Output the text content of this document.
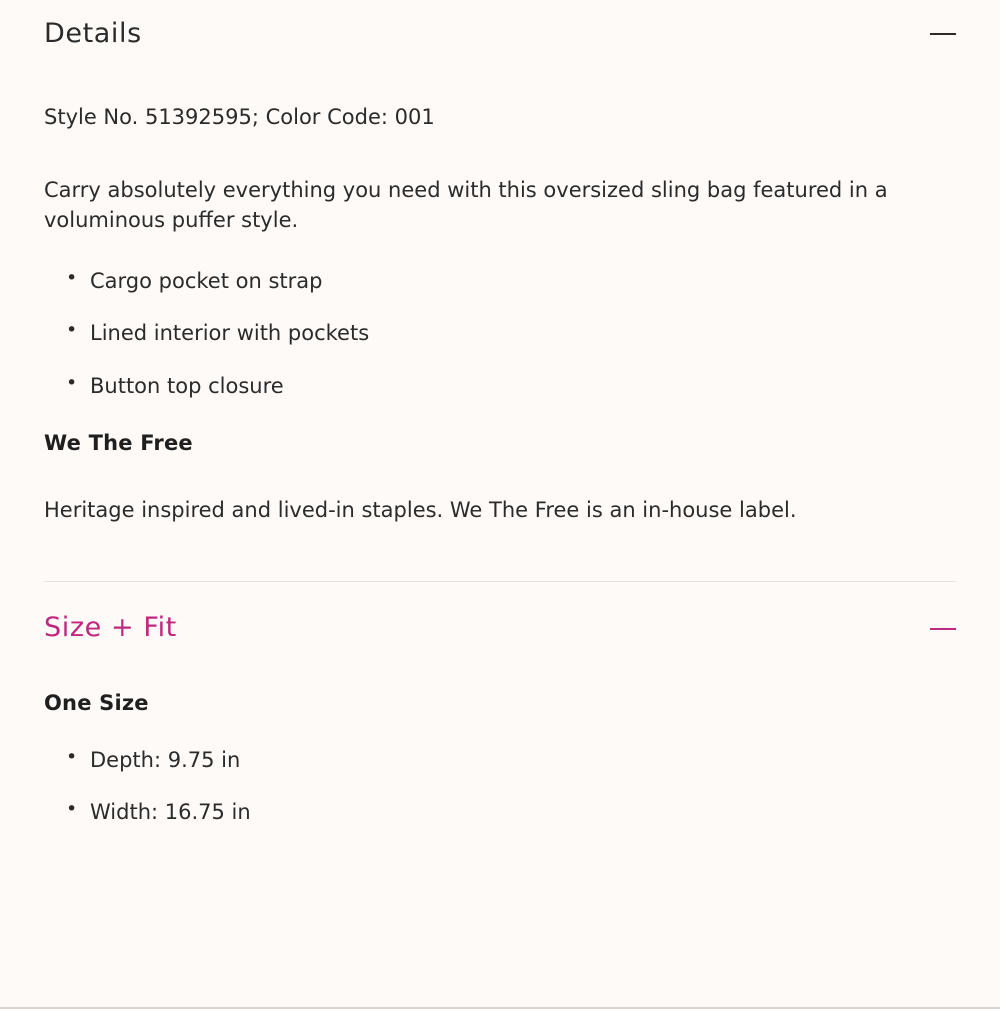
Details

Style No. 51392595; Color Code: 001

Carry absolutely everything you need with this oversized sling bag featured in a voluminous puffer style.

• Cargo pocket on strap
• Lined interior with pockets
• Button top closure
We The Free

Heritage inspired and lived-in staples. We The Free is an in-house label.

Size + Fit
One Size
• Depth: 9.75 in
• Width: 16.75 in
